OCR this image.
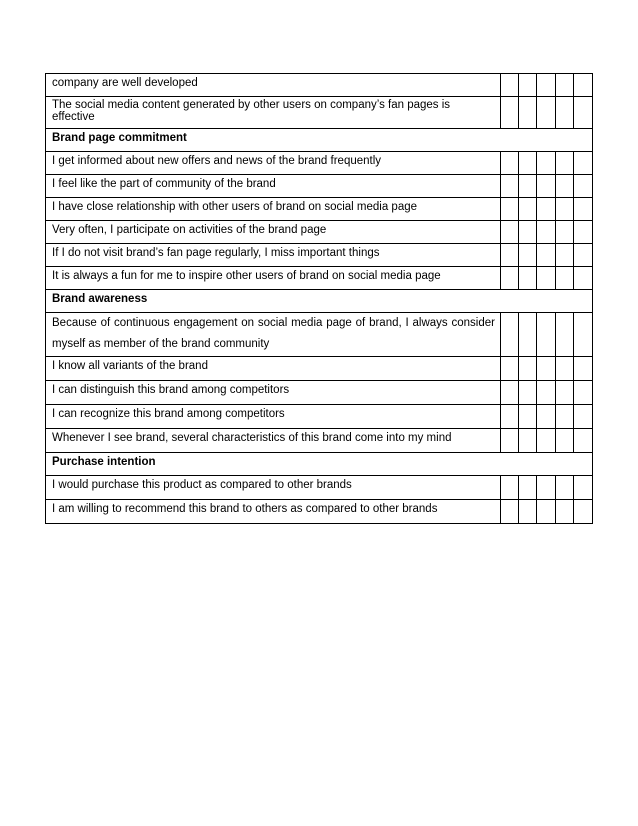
company are well developed					
The social media content generated by other users on company’s fan pages is effective					
Brand page commitment					
I get informed about new offers and news of the brand frequently					
I feel like the part of community of the brand					
I have close relationship with other users of brand on social media page					
Very often, I participate on activities of the brand page					
If I do not visit brand’s fan page regularly, I miss important things					
It is always a fun for me to inspire other users of brand on social media page					
Brand awareness					
Because of continuous engagement on social media page of brand, I always consider myself as member of the brand community					
I know all variants of the brand					
I can distinguish this brand among competitors					
I can recognize this brand among competitors					
Whenever I see brand, several characteristics of this brand come into my mind					
Purchase intention					
I would purchase this product as compared to other brands					
I am willing to recommend this brand to others as compared to other brands					
